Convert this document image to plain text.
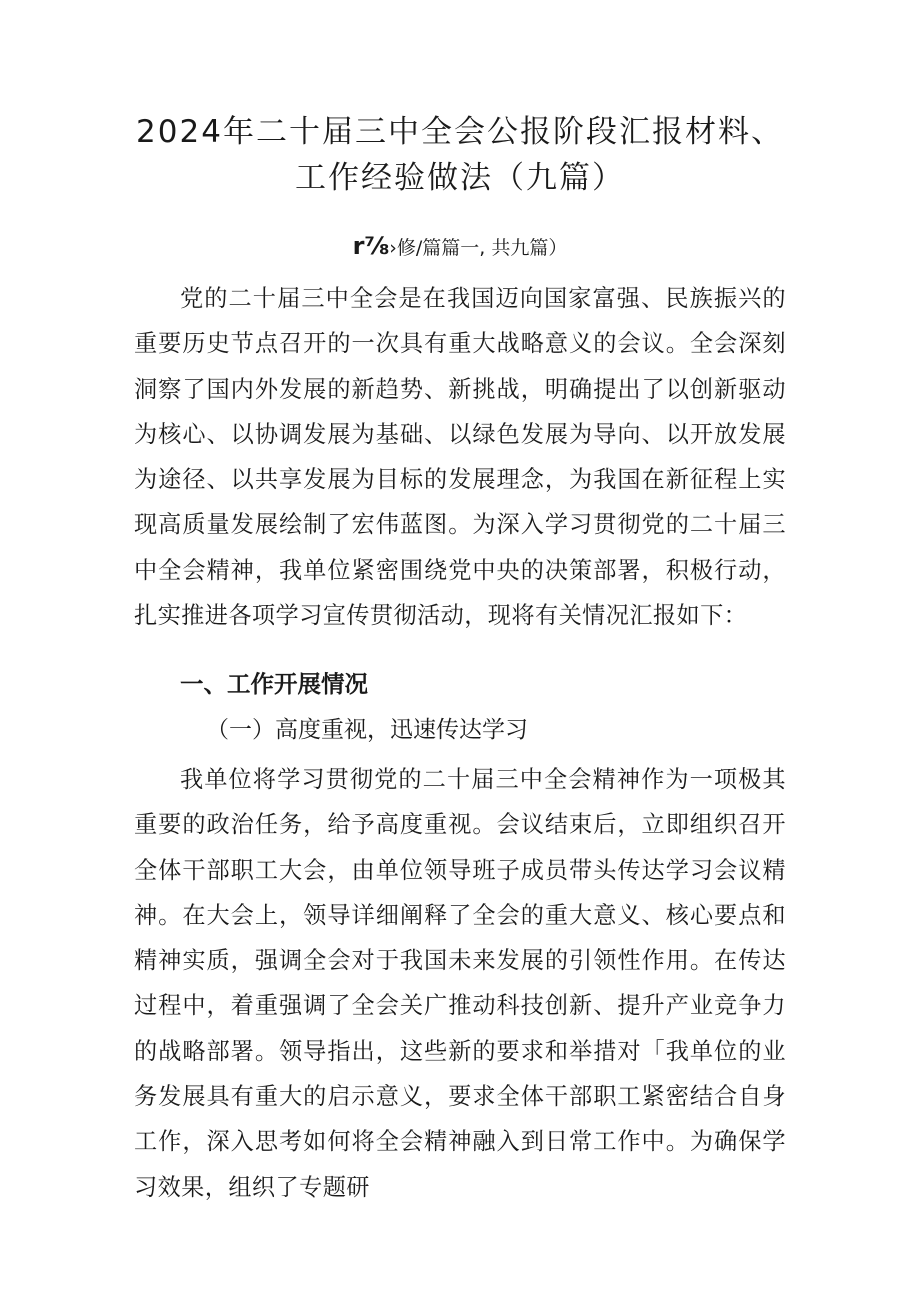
2024年二十届三中全会公报阶段汇报材料、
工作经验做法（九篇）
r⅞›修/篇篇一, 共九篇）

党的二十届三中全会是在我国迈向国家富强、民族振兴的重要历史节点召开的一次具有重大战略意义的会议。全会深刻洞察了国内外发展的新趋势、新挑战，明确提出了以创新驱动为核心、以协调发展为基础、以绿色发展为导向、以开放发展为途径、以共享发展为目标的发展理念，为我国在新征程上实现高质量发展绘制了宏伟蓝图。为深入学习贯彻党的二十届三中全会精神，我单位紧密围绕党中央的决策部署，积极行动，扎实推进各项学习宣传贯彻活动，现将有关情况汇报如下：

一、工作开展情况
（一）高度重视，迅速传达学习

我单位将学习贯彻党的二十届三中全会精神作为一项极其重要的政治任务，给予高度重视。会议结束后，立即组织召开全体干部职工大会，由单位领导班子成员带头传达学习会议精神。在大会上，领导详细阐释了全会的重大意义、核心要点和精神实质，强调全会对于我国未来发展的引领性作用。在传达过程中，着重强调了全会关广推动科技创新、提升产业竞争力的战略部署。领导指出，这些新的要求和举措对「我单位的业务发展具有重大的启示意义，要求全体干部职工紧密结合自身工作，深入思考如何将全会精神融入到日常工作中。为确保学习效果，组织了专题研
